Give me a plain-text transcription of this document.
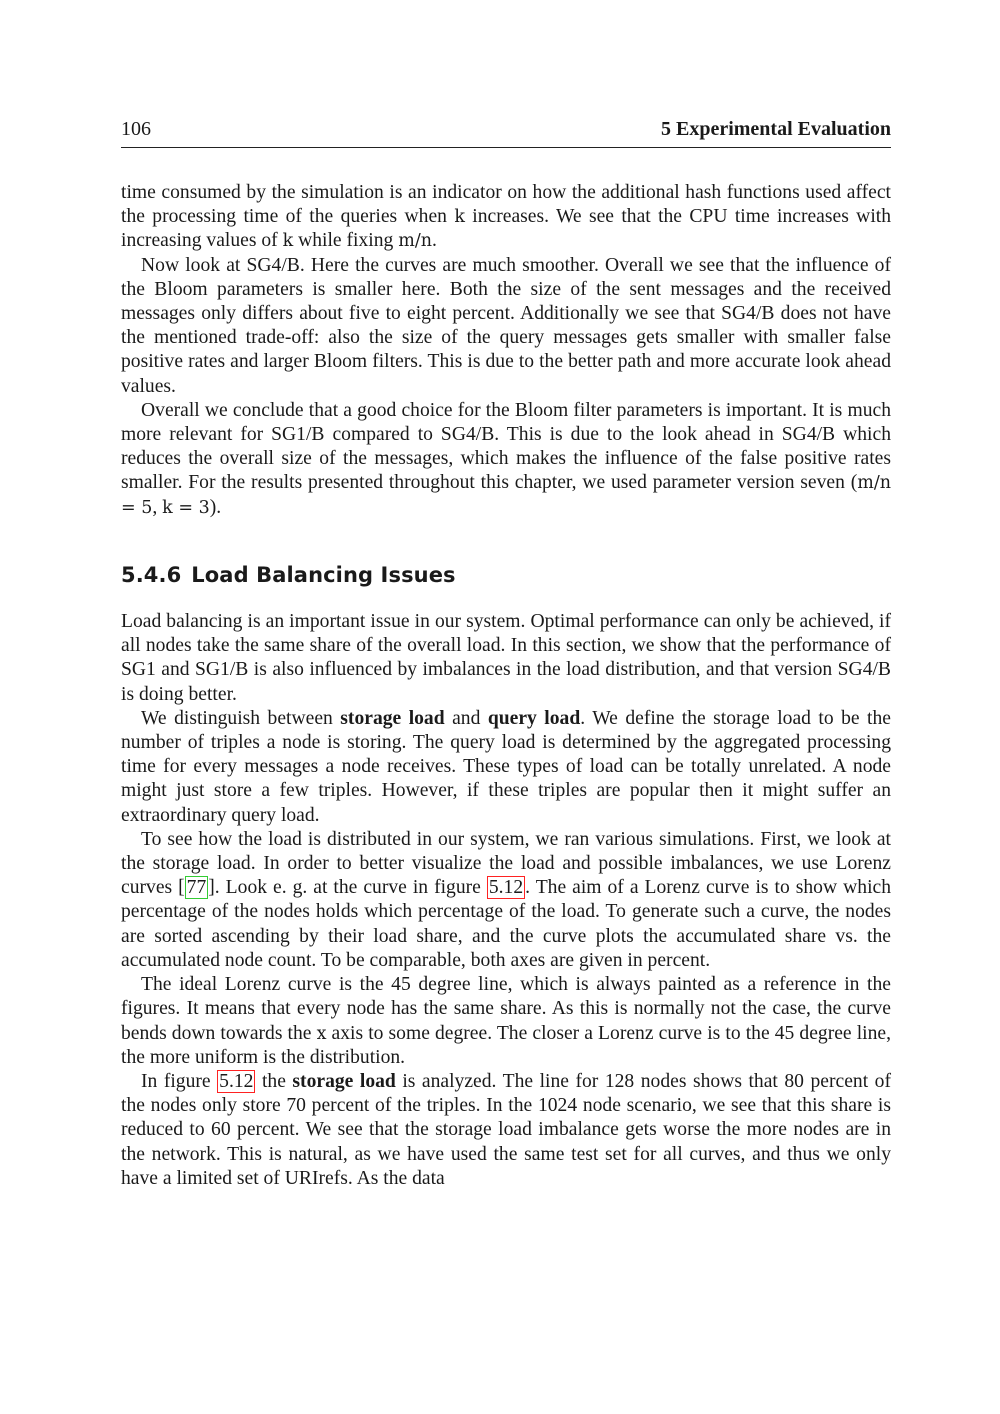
106	5 Experimental Evaluation

time consumed by the simulation is an indicator on how the additional hash functions used affect the processing time of the queries when k increases. We see that the CPU time increases with increasing values of k while fixing m/n.

Now look at SG4/B. Here the curves are much smoother. Overall we see that the influence of the Bloom parameters is smaller here. Both the size of the sent messages and the received messages only differs about five to eight percent. Additionally we see that SG4/B does not have the mentioned trade-off: also the size of the query messages gets smaller with smaller false positive rates and larger Bloom filters. This is due to the better path and more accurate look ahead values.

Overall we conclude that a good choice for the Bloom filter parameters is important. It is much more relevant for SG1/B compared to SG4/B. This is due to the look ahead in SG4/B which reduces the overall size of the messages, which makes the influence of the false positive rates smaller. For the results presented throughout this chapter, we used parameter version seven (m/n = 5, k = 3).

5.4.6 Load Balancing Issues

Load balancing is an important issue in our system. Optimal performance can only be achieved, if all nodes take the same share of the overall load. In this section, we show that the performance of SG1 and SG1/B is also influenced by imbalances in the load distribution, and that version SG4/B is doing better.

We distinguish between storage load and query load. We define the storage load to be the number of triples a node is storing. The query load is determined by the aggregated processing time for every messages a node receives. These types of load can be totally unrelated. A node might just store a few triples. However, if these triples are popular then it might suffer an extraordinary query load.

To see how the load is distributed in our system, we ran various simulations. First, we look at the storage load. In order to better visualize the load and possible imbalances, we use Lorenz curves [ 77 ]. Look e. g. at the curve in figure 5.12 . The aim of a Lorenz curve is to show which percentage of the nodes holds which percentage of the load. To generate such a curve, the nodes are sorted ascending by their load share, and the curve plots the accumulated share vs. the accumulated node count. To be comparable, both axes are given in percent.

The ideal Lorenz curve is the 45 degree line, which is always painted as a reference in the figures. It means that every node has the same share. As this is normally not the case, the curve bends down towards the x axis to some degree. The closer a Lorenz curve is to the 45 degree line, the more uniform is the distribution.

In figure 5.12 the storage load is analyzed. The line for 128 nodes shows that 80 percent of the nodes only store 70 percent of the triples. In the 1024 node scenario, we see that this share is reduced to 60 percent. We see that the storage load imbalance gets worse the more nodes are in the network. This is natural, as we have used the same test set for all curves, and thus we only have a limited set of URIrefs. As the data
